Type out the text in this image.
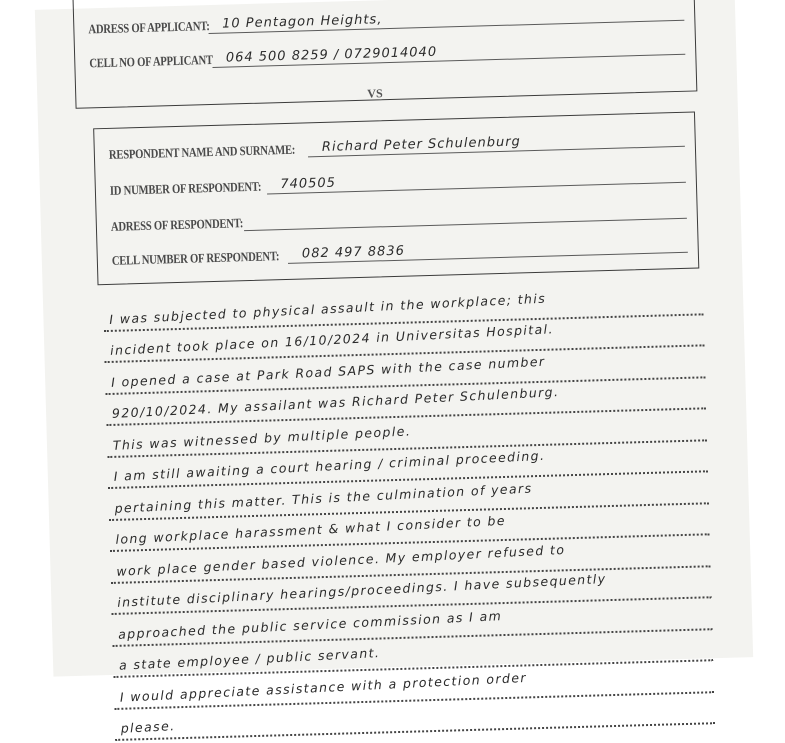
ADRESS OF APPLICANT: 10 Pentagon Heights,
CELL NO OF APPLICANT 064 500 8259 / 0729014040
VS
RESPONDENT NAME AND SURNAME: Richard Peter Schulenburg
ID NUMBER OF RESPONDENT: 740505
ADRESS OF RESPONDENT:
CELL NUMBER OF RESPONDENT: 082 497 8836
I was subjected to physical assault in the workplace; this
incident took place on 16/10/2024 in Universitas Hospital.
I opened a case at Park Road SAPS with the case number
920/10/2024. My assailant was Richard Peter Schulenburg.
This was witnessed by multiple people.
I am still awaiting a court hearing / criminal proceeding.
pertaining this matter. This is the culmination of years
long workplace harassment & what I consider to be
work place gender based violence. My employer refused to
institute disciplinary hearings/proceedings. I have subsequently
approached the public service commission as I am
a state employee / public servant.
I would appreciate assistance with a protection order
please.
